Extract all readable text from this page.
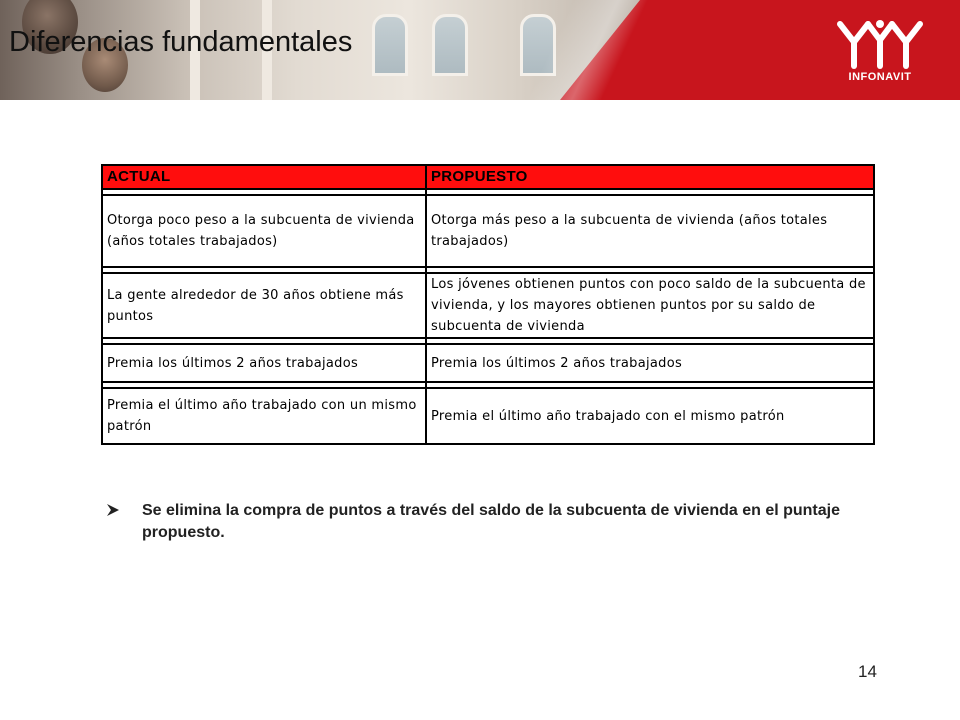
INFONAVIT
Diferencias fundamentales
ACTUAL	PROPUESTO

Otorga poco peso a la subcuenta de vivienda (años totales trabajados)	Otorga más peso a la subcuenta de vivienda (años totales trabajados)

La gente alrededor de 30 años obtiene más puntos	Los jóvenes obtienen puntos con poco saldo de la subcuenta de vivienda, y los mayores obtienen puntos por su saldo de subcuenta de vivienda

Premia los últimos 2 años trabajados	Premia los últimos 2 años trabajados

Premia el último año trabajado con un mismo patrón	Premia el último año trabajado con el mismo patrón
Se elimina la compra de puntos a través del saldo de la subcuenta de vivienda en el puntaje propuesto.
14
